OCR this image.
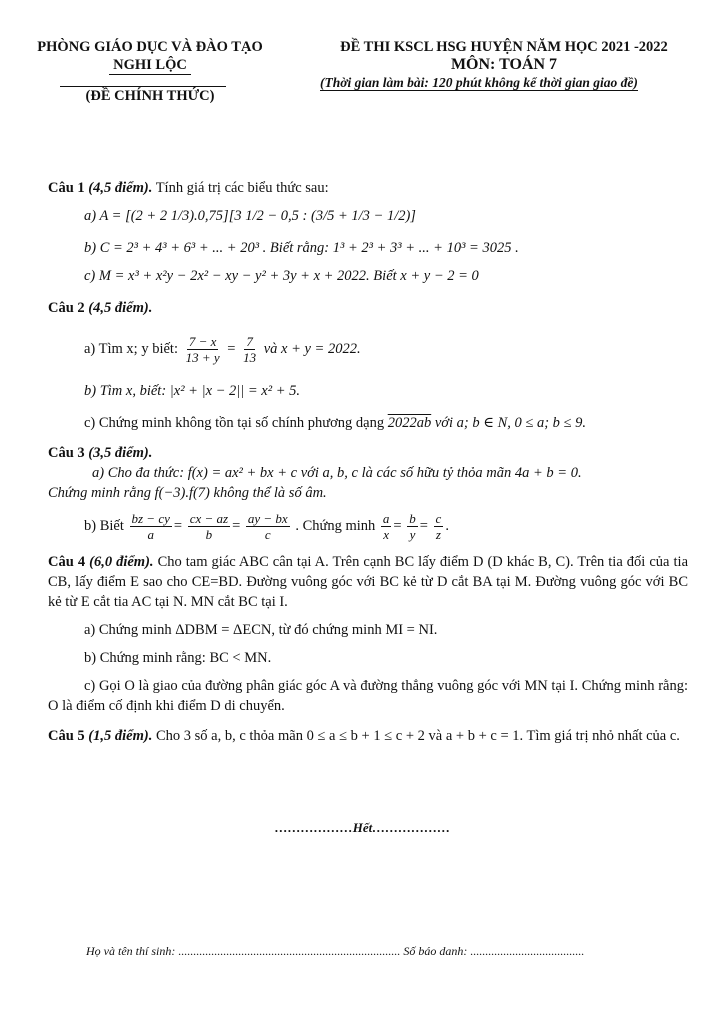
PHÒNG GIÁO DỤC VÀ ĐÀO TẠO
NGHI LỘC
(ĐỀ CHÍNH THỨC)
ĐỀ THI KSCL HSG HUYỆN NĂM HỌC 2021 -2022
MÔN: TOÁN 7
(Thời gian làm bài: 120 phút không kể thời gian giao đề)
Câu 1 (4,5 điểm). Tính giá trị các biểu thức sau:
a) A = [(2 + 2 1/3).0,75][3 1/2 − 0,5 : (3/5 + 1/3 − 1/2)]
b) C = 2³ + 4³ + 6³ + ... + 20³ . Biết rằng: 1³ + 2³ + 3³ + ... + 10³ = 3025 .
c) M = x³ + x²y − 2x² − xy − y² + 3y + x + 2022. Biết x + y − 2 = 0
Câu 2 (4,5 điểm).
a) Tìm x; y biết: $\frac{7 - x}{13 + y} = \frac{7}{13}$ và x + y = 2022.
b) Tìm x, biết: |x² + |x − 2|| = x² + 5.
c) Chứng minh không tồn tại số chính phương dạng 2022ab với a; b ∈ N, 0 ≤ a; b ≤ 9.
Câu 3 (3,5 điểm).
a) Cho đa thức: f(x) = ax² + bx + c với a, b, c là các số hữu tỷ thỏa mãn 4a + b = 0.
Chứng minh rằng f(−3).f(7) không thể là số âm.
b) Biết $\frac{bz - cy}{a} = \frac{cx - az}{b} = \frac{ay - bx}{c}$ . Chứng minh $\frac{a}{x} = \frac{b}{y} = \frac{c}{z}$ .
Câu 4 (6,0 điểm). Cho tam giác ABC cân tại A. Trên cạnh BC lấy điểm D (D khác B, C). Trên tia đối của tia CB, lấy điểm E sao cho CE=BD. Đường vuông góc với BC kẻ từ D cắt BA tại M. Đường vuông góc với BC kẻ từ E cắt tia AC tại N. MN cắt BC tại I.
a) Chứng minh ΔDBM = ΔECN, từ đó chứng minh MI = NI.
b) Chứng minh rằng: BC < MN.
c) Gọi O là giao của đường phân giác góc A và đường thẳng vuông góc với MN tại I. Chứng minh rằng: O là điểm cố định khi điểm D di chuyển.
Câu 5 (1,5 điểm). Cho 3 số a, b, c thỏa mãn 0 ≤ a ≤ b + 1 ≤ c + 2 và a + b + c = 1. Tìm giá trị nhỏ nhất của c.
………………Hết………………
Họ và tên thí sinh: .......................................................................... Số báo danh: ......................................
